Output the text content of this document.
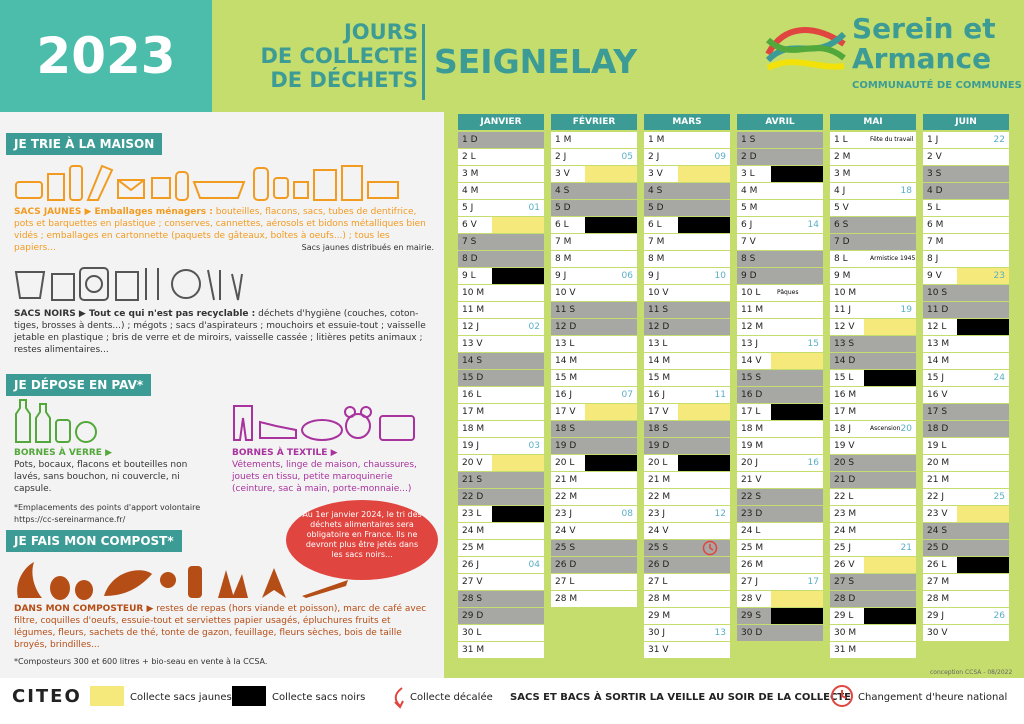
2023	JOURS
DE COLLECTE
DE DÉCHETS SEIGNELAY
Serein et
Armance
COMMUNAUTÉ DE COMMUNES
JE TRIE À LA MAISON
SACS JAUNES ▶ Emballages ménagers : bouteilles, flacons, sacs, tubes de dentifrice, pots et barquettes en plastique ; conserves, cannettes, aérosols et bidons métalliques bien vidés ; emballages en cartonnette (paquets de gâteaux, boîtes à oeufs...) ; tous les papiers...	Sacs jaunes distribués en mairie.
SACS NOIRS ▶ Tout ce qui n'est pas recyclable : déchets d'hygiène (couches, coton-tiges, brosses à dents...) ; mégots ; sacs d'aspirateurs ; mouchoirs et essuie-tout ; vaisselle jetable en plastique ; bris de verre et de miroirs, vaisselle cassée ; litières petits animaux ; restes alimentaires...
JE DÉPOSE EN PAV*
BORNES À VERRE ▶
Pots, bocaux, flacons et bouteilles non lavés, sans bouchon, ni couvercle, ni capsule.
BORNES À TEXTILE ▶
Vêtements, linge de maison, chaussures, jouets en tissu, petite maroquinerie (ceinture, sac à main, porte-monnaie...)
*Emplacements des points d'apport volontaire https://cc-sereinarmance.fr/
JE FAIS MON COMPOST*
Au 1er janvier 2024, le tri des déchets alimentaires sera obligatoire en France. Ils ne devront plus être jetés dans les sacs noirs...
DANS MON COMPOSTEUR ▶ restes de repas (hors viande et poisson), marc de café avec filtre, coquilles d'oeufs, essuie-tout et serviettes papier usagés, épluchures fruits et légumes, fleurs, sachets de thé, tonte de gazon, feuillage, fleurs sèches, bois de taille broyés, brindilles...
*Composteurs 300 et 600 litres + bio-seau en vente à la CCSA.
JANVIER
1 D
2 L
3 M
4 M
5 J	01
6 V
7 S
8 D
9 L
10 M
11 M
12 J	02
13 V
14 S
15 D
16 L
17 M
18 M
19 J	03
20 V
21 S
22 D
23 L
24 M
25 M
26 J	04
27 V
28 S
29 D
30 L
31 M
FÉVRIER
1 M
2 J	05
3 V
4 S
5 D
6 L
7 M
8 M
9 J	06
10 V
11 S
12 D
13 L
14 M
15 M
16 J	07
17 V
18 S
19 D
20 L
21 M
22 M
23 J	08
24 V
25 S
26 D
27 L
28 M
MARS
1 M
2 J	09
3 V
4 S
5 D
6 L
7 M
8 M
9 J	10
10 V
11 S
12 D
13 L
14 M
15 M
16 J	11
17 V
18 S
19 D
20 L
21 M
22 M
23 J	12
24 V
25 S
26 D
27 L
28 M
29 M
30 J	13
31 V
AVRIL
1 S
2 D
3 L
4 M
5 M
6 J	14
7 V
8 S
9 D
10 L	Pâques
11 M
12 M
13 J	15
14 V
15 S
16 D
17 L
18 M
19 M
20 J	16
21 V
22 S
23 D
24 L
25 M
26 M
27 J	17
28 V
29 S
30 D
MAI
1 L	Fête du travail
2 M
3 M
4 J	18
5 V
6 S
7 D
8 L	Armistice 1945
9 M
10 M
11 J	19
12 V
13 S
14 D
15 L
16 M
17 M
18 J	Ascension 20
19 V
20 S
21 D
22 L
23 M
24 M
25 J	21
26 V
27 S
28 D
29 L	Pentecôte
30 M
31 M
JUIN
1 J	22
2 V
3 S
4 D
5 L
6 M
7 M
8 J
9 V	23
10 S
11 D
12 L
13 M
14 M
15 J	24
16 V
17 S
18 D
19 L
20 M
21 M
22 J	25
23 V
24 S
25 D
26 L
27 M
28 M
29 J	26
30 V
conception CCSA - 08/2022
CITEO	Collecte sacs jaunes	Collecte sacs noirs	Collecte décalée SACS ET BACS À SORTIR LA VEILLE AU SOIR DE LA COLLECTE Changement d'heure national
